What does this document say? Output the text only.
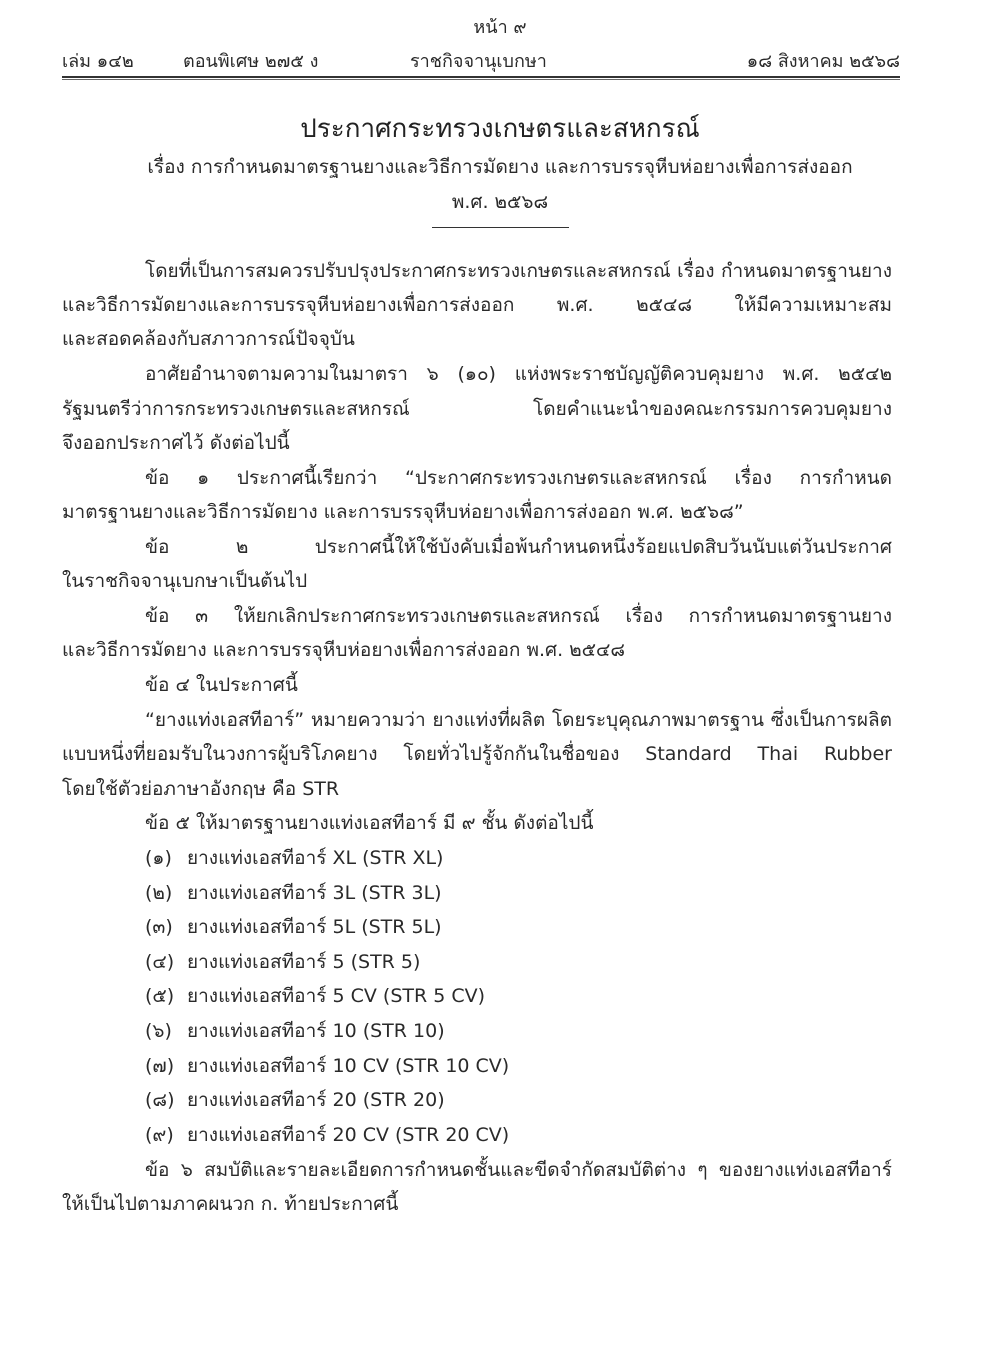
หน้า ๙
เล่ม ๑๔๒	ตอนพิเศษ ๒๗๕ ง	ราชกิจจานุเบกษา	๑๘ สิงหาคม ๒๕๖๘
ประกาศกระทรวงเกษตรและสหกรณ์
เรื่อง การกำหนดมาตรฐานยางและวิธีการมัดยาง และการบรรจุหีบห่อยางเพื่อการส่งออก
พ.ศ. ๒๕๖๘
โดยที่เป็นการสมควรปรับปรุงประกาศกระทรวงเกษตรและสหกรณ์ เรื่อง กำหนดมาตรฐานยาง
และวิธีการมัดยางและการบรรจุหีบห่อยางเพื่อการส่งออก พ.ศ. ๒๕๔๘ ให้มีความเหมาะสม
และสอดคล้องกับสภาวการณ์ปัจจุบัน
อาศัยอำนาจตามความในมาตรา ๖ (๑๐) แห่งพระราชบัญญัติควบคุมยาง พ.ศ. ๒๕๔๒
รัฐมนตรีว่าการกระทรวงเกษตรและสหกรณ์ โดยคำแนะนำของคณะกรรมการควบคุมยาง
จึงออกประกาศไว้ ดังต่อไปนี้
ข้อ ๑ ประกาศนี้เรียกว่า “ประกาศกระทรวงเกษตรและสหกรณ์ เรื่อง การกำหนด
มาตรฐานยางและวิธีการมัดยาง และการบรรจุหีบห่อยางเพื่อการส่งออก พ.ศ. ๒๕๖๘”
ข้อ ๒ ประกาศนี้ให้ใช้บังคับเมื่อพ้นกำหนดหนึ่งร้อยแปดสิบวันนับแต่วันประกาศ
ในราชกิจจานุเบกษาเป็นต้นไป
ข้อ ๓ ให้ยกเลิกประกาศกระทรวงเกษตรและสหกรณ์ เรื่อง การกำหนดมาตรฐานยาง
และวิธีการมัดยาง และการบรรจุหีบห่อยางเพื่อการส่งออก พ.ศ. ๒๕๔๘
ข้อ ๔ ในประกาศนี้
“ยางแท่งเอสทีอาร์” หมายความว่า ยางแท่งที่ผลิต โดยระบุคุณภาพมาตรฐาน ซึ่งเป็นการผลิต
แบบหนึ่งที่ยอมรับในวงการผู้บริโภคยาง โดยทั่วไปรู้จักกันในชื่อของ Standard Thai Rubber
โดยใช้ตัวย่อภาษาอังกฤษ คือ STR
ข้อ ๕ ให้มาตรฐานยางแท่งเอสทีอาร์ มี ๙ ชั้น ดังต่อไปนี้
(๑) ยางแท่งเอสทีอาร์ XL (STR XL)
(๒) ยางแท่งเอสทีอาร์ 3L (STR 3L)
(๓) ยางแท่งเอสทีอาร์ 5L (STR 5L)
(๔) ยางแท่งเอสทีอาร์ 5 (STR 5)
(๕) ยางแท่งเอสทีอาร์ 5 CV (STR 5 CV)
(๖) ยางแท่งเอสทีอาร์ 10 (STR 10)
(๗) ยางแท่งเอสทีอาร์ 10 CV (STR 10 CV)
(๘) ยางแท่งเอสทีอาร์ 20 (STR 20)
(๙) ยางแท่งเอสทีอาร์ 20 CV (STR 20 CV)
ข้อ ๖ สมบัติและรายละเอียดการกำหนดชั้นและขีดจำกัดสมบัติต่าง ๆ ของยางแท่งเอสทีอาร์
ให้เป็นไปตามภาคผนวก ก. ท้ายประกาศนี้
